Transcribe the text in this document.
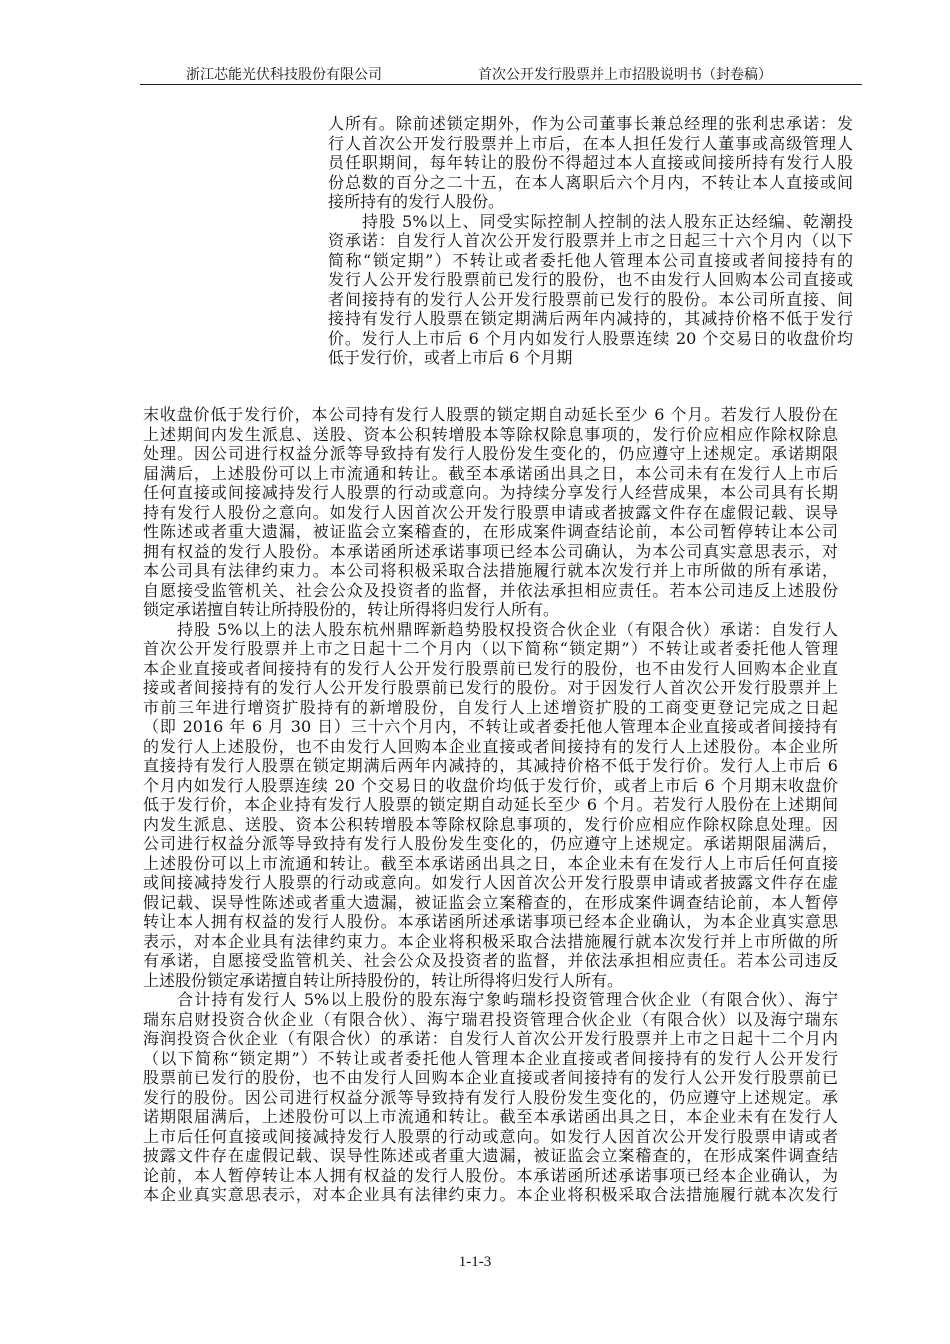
浙江芯能光伏科技股份有限公司	首次公开发行股票并上市招股说明书（封卷稿）
人所有。除前述锁定期外，作为公司董事长兼总经理的张利忠承诺：发
行人首次公开发行股票并上市后，在本人担任发行人董事或高级管理人
员任职期间，每年转让的股份不得超过本人直接或间接所持有发行人股
份总数的百分之二十五，在本人离职后六个月内，不转让本人直接或间
接所持有的发行人股份。
持股 5%以上、同受实际控制人控制的法人股东正达经编、乾潮投
资承诺：自发行人首次公开发行股票并上市之日起三十六个月内（以下
简称“锁定期”）不转让或者委托他人管理本公司直接或者间接持有的
发行人公开发行股票前已发行的股份，也不由发行人回购本公司直接或
者间接持有的发行人公开发行股票前已发行的股份。本公司所直接、间
接持有发行人股票在锁定期满后两年内减持的，其减持价格不低于发行
价。发行人上市后 6 个月内如发行人股票连续 20 个交易日的收盘价均
低于发行价，或者上市后 6 个月期
末收盘价低于发行价，本公司持有发行人股票的锁定期自动延长至少 6 个月。若发行人股份在
上述期间内发生派息、送股、资本公积转增股本等除权除息事项的，发行价应相应作除权除息
处理。因公司进行权益分派等导致持有发行人股份发生变化的，仍应遵守上述规定。承诺期限
届满后，上述股份可以上市流通和转让。截至本承诺函出具之日，本公司未有在发行人上市后
任何直接或间接减持发行人股票的行动或意向。为持续分享发行人经营成果，本公司具有长期
持有发行人股份之意向。如发行人因首次公开发行股票申请或者披露文件存在虚假记载、误导
性陈述或者重大遗漏，被证监会立案稽查的，在形成案件调查结论前，本公司暂停转让本公司
拥有权益的发行人股份。本承诺函所述承诺事项已经本公司确认，为本公司真实意思表示，对
本公司具有法律约束力。本公司将积极采取合法措施履行就本次发行并上市所做的所有承诺，
自愿接受监管机关、社会公众及投资者的监督，并依法承担相应责任。若本公司违反上述股份
锁定承诺擅自转让所持股份的，转让所得将归发行人所有。
持股 5%以上的法人股东杭州鼎晖新趋势股权投资合伙企业（有限合伙）承诺：自发行人
首次公开发行股票并上市之日起十二个月内（以下简称“锁定期”）不转让或者委托他人管理
本企业直接或者间接持有的发行人公开发行股票前已发行的股份，也不由发行人回购本企业直
接或者间接持有的发行人公开发行股票前已发行的股份。对于因发行人首次公开发行股票并上
市前三年进行增资扩股持有的新增股份，自发行人上述增资扩股的工商变更登记完成之日起
（即 2016 年 6 月 30 日）三十六个月内，不转让或者委托他人管理本企业直接或者间接持有
的发行人上述股份，也不由发行人回购本企业直接或者间接持有的发行人上述股份。本企业所
直接持有发行人股票在锁定期满后两年内减持的，其减持价格不低于发行价。发行人上市后 6
个月内如发行人股票连续 20 个交易日的收盘价均低于发行价，或者上市后 6 个月期末收盘价
低于发行价，本企业持有发行人股票的锁定期自动延长至少 6 个月。若发行人股份在上述期间
内发生派息、送股、资本公积转增股本等除权除息事项的，发行价应相应作除权除息处理。因
公司进行权益分派等导致持有发行人股份发生变化的，仍应遵守上述规定。承诺期限届满后，
上述股份可以上市流通和转让。截至本承诺函出具之日，本企业未有在发行人上市后任何直接
或间接减持发行人股票的行动或意向。如发行人因首次公开发行股票申请或者披露文件存在虚
假记载、误导性陈述或者重大遗漏，被证监会立案稽查的，在形成案件调查结论前，本人暂停
转让本人拥有权益的发行人股份。本承诺函所述承诺事项已经本企业确认，为本企业真实意思
表示，对本企业具有法律约束力。本企业将积极采取合法措施履行就本次发行并上市所做的所
有承诺，自愿接受监管机关、社会公众及投资者的监督，并依法承担相应责任。若本公司违反
上述股份锁定承诺擅自转让所持股份的，转让所得将归发行人所有。
合计持有发行人 5%以上股份的股东海宁象屿瑞杉投资管理合伙企业（有限合伙）、海宁
瑞东启财投资合伙企业（有限合伙）、海宁瑞君投资管理合伙企业（有限合伙）以及海宁瑞东
海润投资合伙企业（有限合伙）的承诺：自发行人首次公开发行股票并上市之日起十二个月内
（以下简称“锁定期”）不转让或者委托他人管理本企业直接或者间接持有的发行人公开发行
股票前已发行的股份，也不由发行人回购本企业直接或者间接持有的发行人公开发行股票前已
发行的股份。因公司进行权益分派等导致持有发行人股份发生变化的，仍应遵守上述规定。承
诺期限届满后，上述股份可以上市流通和转让。截至本承诺函出具之日，本企业未有在发行人
上市后任何直接或间接减持发行人股票的行动或意向。如发行人因首次公开发行股票申请或者
披露文件存在虚假记载、误导性陈述或者重大遗漏，被证监会立案稽查的，在形成案件调查结
论前，本人暂停转让本人拥有权益的发行人股份。本承诺函所述承诺事项已经本企业确认，为
本企业真实意思表示，对本企业具有法律约束力。本企业将积极采取合法措施履行就本次发行
1-1-3
